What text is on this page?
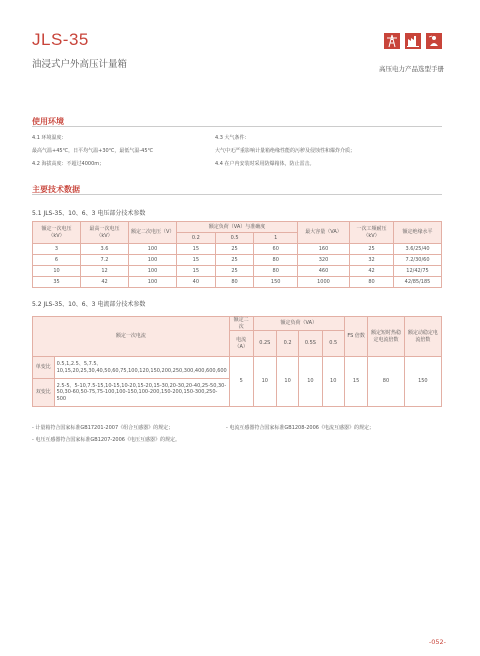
JLS-35
油浸式户外高压计量箱	高压电力产品选型手册
使用环境
4.1 环境温度：
最高气温+45℃，日平均气温+30℃，最低气温-45℃
4.2 海拔高度：不超过4000m；
4.3 大气条件：
大气中无严重影响计量箱绝缘性能的污秽及侵蚀性和爆炸介质；
4.4 在户内安装时采用防爆箱体，防止雷击。
主要技术数据
5.1 JLS-35、10、6、3 电压部分技术参数
额定一次电压（kV）	最高一次电压（kV）	额定二次电压（V）	额定负荷（VA）与准确度			最大容量（VA）	一次工频耐压（kV）	额定绝缘水平
			0.2	0.5	1			
3	3.6	100	15	25	60	160	25	3.6/25/40
6	7.2	100	15	25	80	320	32	7.2/30/60
10	12	100	15	25	80	460	42	12/42/75
35	42	100	40	80	150	1000	80	42/85/185
5.2 JLS-35、10、6、3 电流部分技术参数
额定一次电流		额定二次	额定负荷（VA）				FS 倍数	额定短时热稳定电流倍数	额定动稳定电流倍数
		电流（A）	0.2S	0.2	0.5S	0.5			
单变比	0.5,1,2.5、5,7.5、10,15,20,25,30,40,50,60,75,100,120,150,200,250,300,400,600,600	5	10	10	10	10	15	80	150
双变比	2.5-5、5-10,7.5-15,10-15,10-20,15-20,15-30,20-30,20-40,25-50,30-50,30-60,50-75,75-100,100-150,100-200,150-200,150-300,250-500								
- 计量箱符合国家标准GB17201-2007《组合互感器》的规定；
- 电压互感器符合国家标准GB1207-2006《电压互感器》的规定。
- 电流互感器符合国家标准GB1208-2006《电流互感器》的规定；
-052-
